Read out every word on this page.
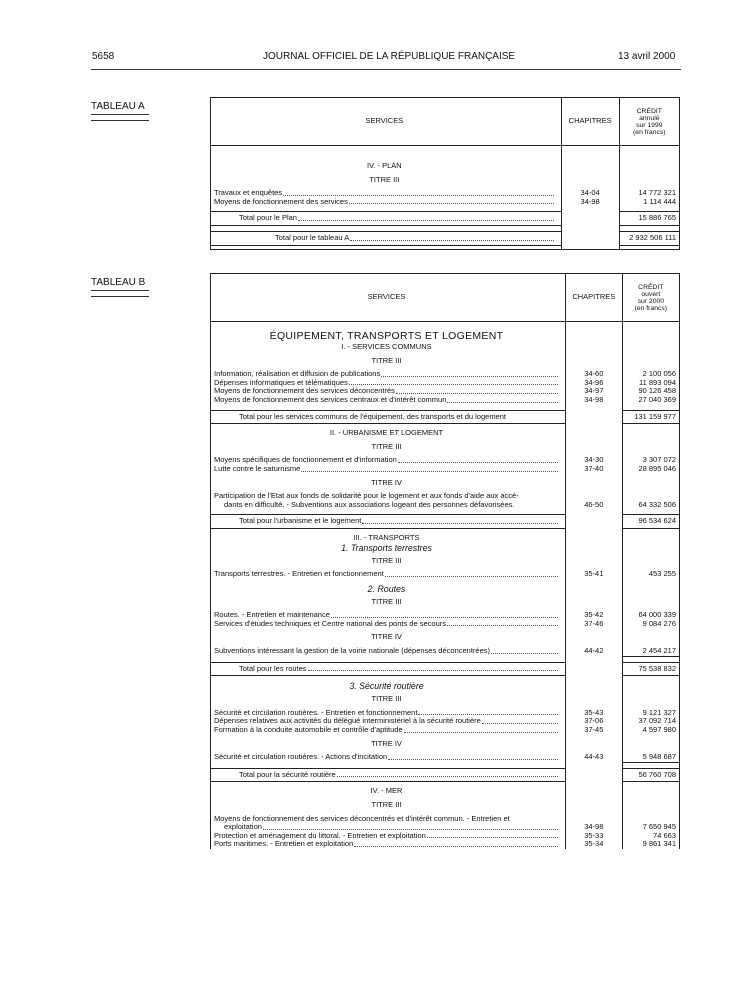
5658	JOURNAL OFFICIEL DE LA RÉPUBLIQUE FRANÇAISE	13 avril 2000
TABLEAU A
SERVICES	CHAPITRES	CRÉDIT
annulé
sur 1999
(en francs)

IV. - PLAN		

TITRE III		

Travaux et enquêtes	34-04	14 772 321

Moyens de fonctionnement des services	34-98	1 114 444

Total pour le Plan		15 886 765

Total pour le tableau A		2 932 506 111

TABLEAU B
SERVICES	CHAPITRES	CRÉDIT
ouvert
sur 2000
(en francs)

ÉQUIPEMENT, TRANSPORTS ET LOGEMENT		

I. - SERVICES COMMUNS		

TITRE III		

Information, réalisation et diffusion de publications	34-60	2 100 056

Dépenses informatiques et télématiques	34-96	11 893 094

Moyens de fonctionnement des services déconcentrés	34-97	90 126 458

Moyens de fonctionnement des services centraux et d'intérêt commun	34-98	27 040 369

Total pour les services communs de l'équipement, des transports et du logement		131 159 977

II. - URBANISME ET LOGEMENT		

TITRE III		

Moyens spécifiques de fonctionnement et d'information	34-30	3 307 072

Lutte contre le saturnisme	37-40	28 895 046

TITRE IV		

Participation de l'Etat aux fonds de solidarité pour le logement et aux fonds d'aide aux accé-
dants en difficulté. - Subventions aux associations logeant des personnes défavorisées.	46-50	64 332 506

Total pour l'urbanisme et le logement		96 534 624

III. - TRANSPORTS		

1. Transports terrestres		

TITRE III		

Transports terrestres. - Entretien et fonctionnement	35-41	453 255

2. Routes		

TITRE III		

Routes. - Entretien et maintenance	35-42	64 000 339

Services d'études techniques et Centre national des ponts de secours	37-46	9 084 276

TITRE IV		

Subventions intéressant la gestion de la voirie nationale (dépenses déconcentrées)	44-42	2 454 217

Total pour les routes		75 538 832

3. Sécurité routière		

TITRE III		

Sécurité et circulation routières. - Entretien et fonctionnement	35-43	9 121 327

Dépenses relatives aux activités du délégué interministériel à la sécurité routière	37-06	37 092 714

Formation à la conduite automobile et contrôle d'aptitude	37-45	4 597 980

TITRE IV		

Sécurité et circulation routières. - Actions d'incitation	44-43	5 948 687

Total pour la sécurité routière		56 760 708

IV. - MER		

TITRE III		

Moyens de fonctionnement des services déconcentrés et d'intérêt commun. - Entretien et
exploitation	34-98	7 650 945

Protection et aménagement du littoral. - Entretien et exploitation	35-33	74 663

Ports maritimes. - Entretien et exploitation	35-34	9 861 341
